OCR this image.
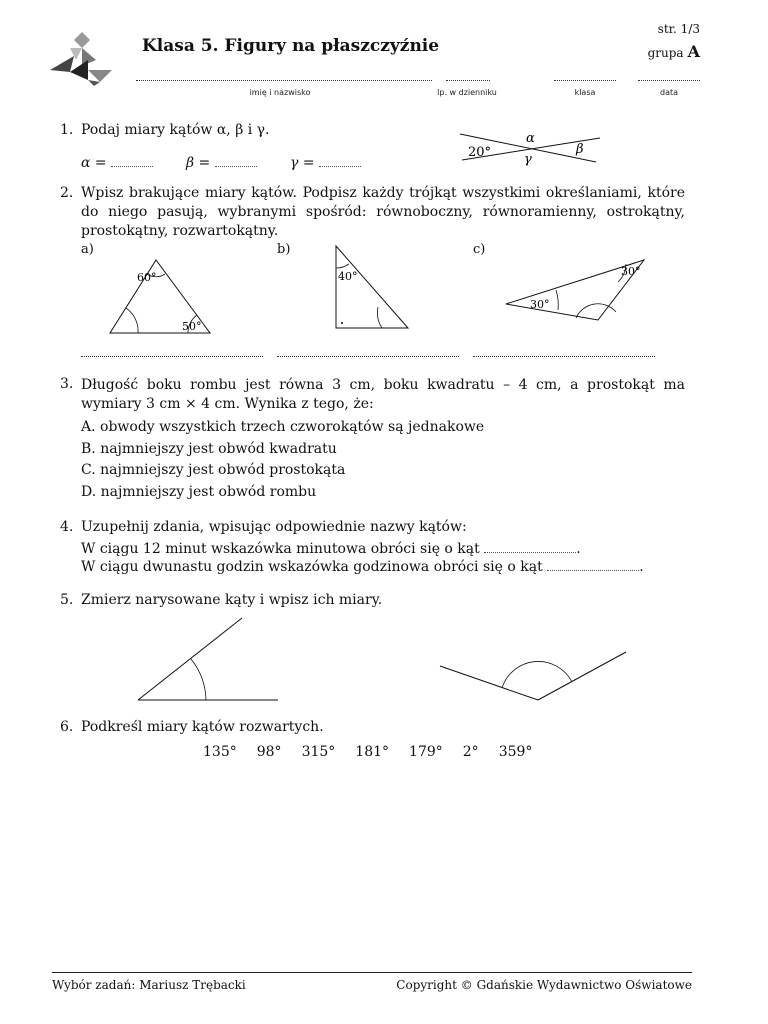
Klasa 5. Figury na płaszczyźnie
str. 1/3
grupa A
imię i nazwisko	lp. w dzienniku	klasa	data
1. Podaj miary kątów α, β i γ.
α =	β =	γ =
20°
α
β
γ
2. Wpisz brakujące miary kątów. Podpisz każdy trójkąt wszystkimi określaniami, które do niego pasują, wybranymi spośród: równoboczny, równoramienny, ostrokątny, prostokątny, rozwartokątny.
a)	b)	c)
60°
50°
40°
30°
30°
3. Długość boku rombu jest równa 3 cm, boku kwadratu – 4 cm, a prostokąt ma wymiary 3 cm × 4 cm. Wynika z tego, że:
A. obwody wszystkich trzech czworokątów są jednakowe
B. najmniejszy jest obwód kwadratu
C. najmniejszy jest obwód prostokąta
D. najmniejszy jest obwód rombu
4. Uzupełnij zdania, wpisując odpowiednie nazwy kątów:
W ciągu 12 minut wskazówka minutowa obróci się o kąt	.
W ciągu dwunastu godzin wskazówka godzinowa obróci się o kąt	.
5. Zmierz narysowane kąty i wpisz ich miary.
6. Podkreśl miary kątów rozwartych.
135° 98° 315° 181° 179° 2° 359°
Wybór zadań: Mariusz Trębacki	Copyright © Gdańskie Wydawnictwo Oświatowe
